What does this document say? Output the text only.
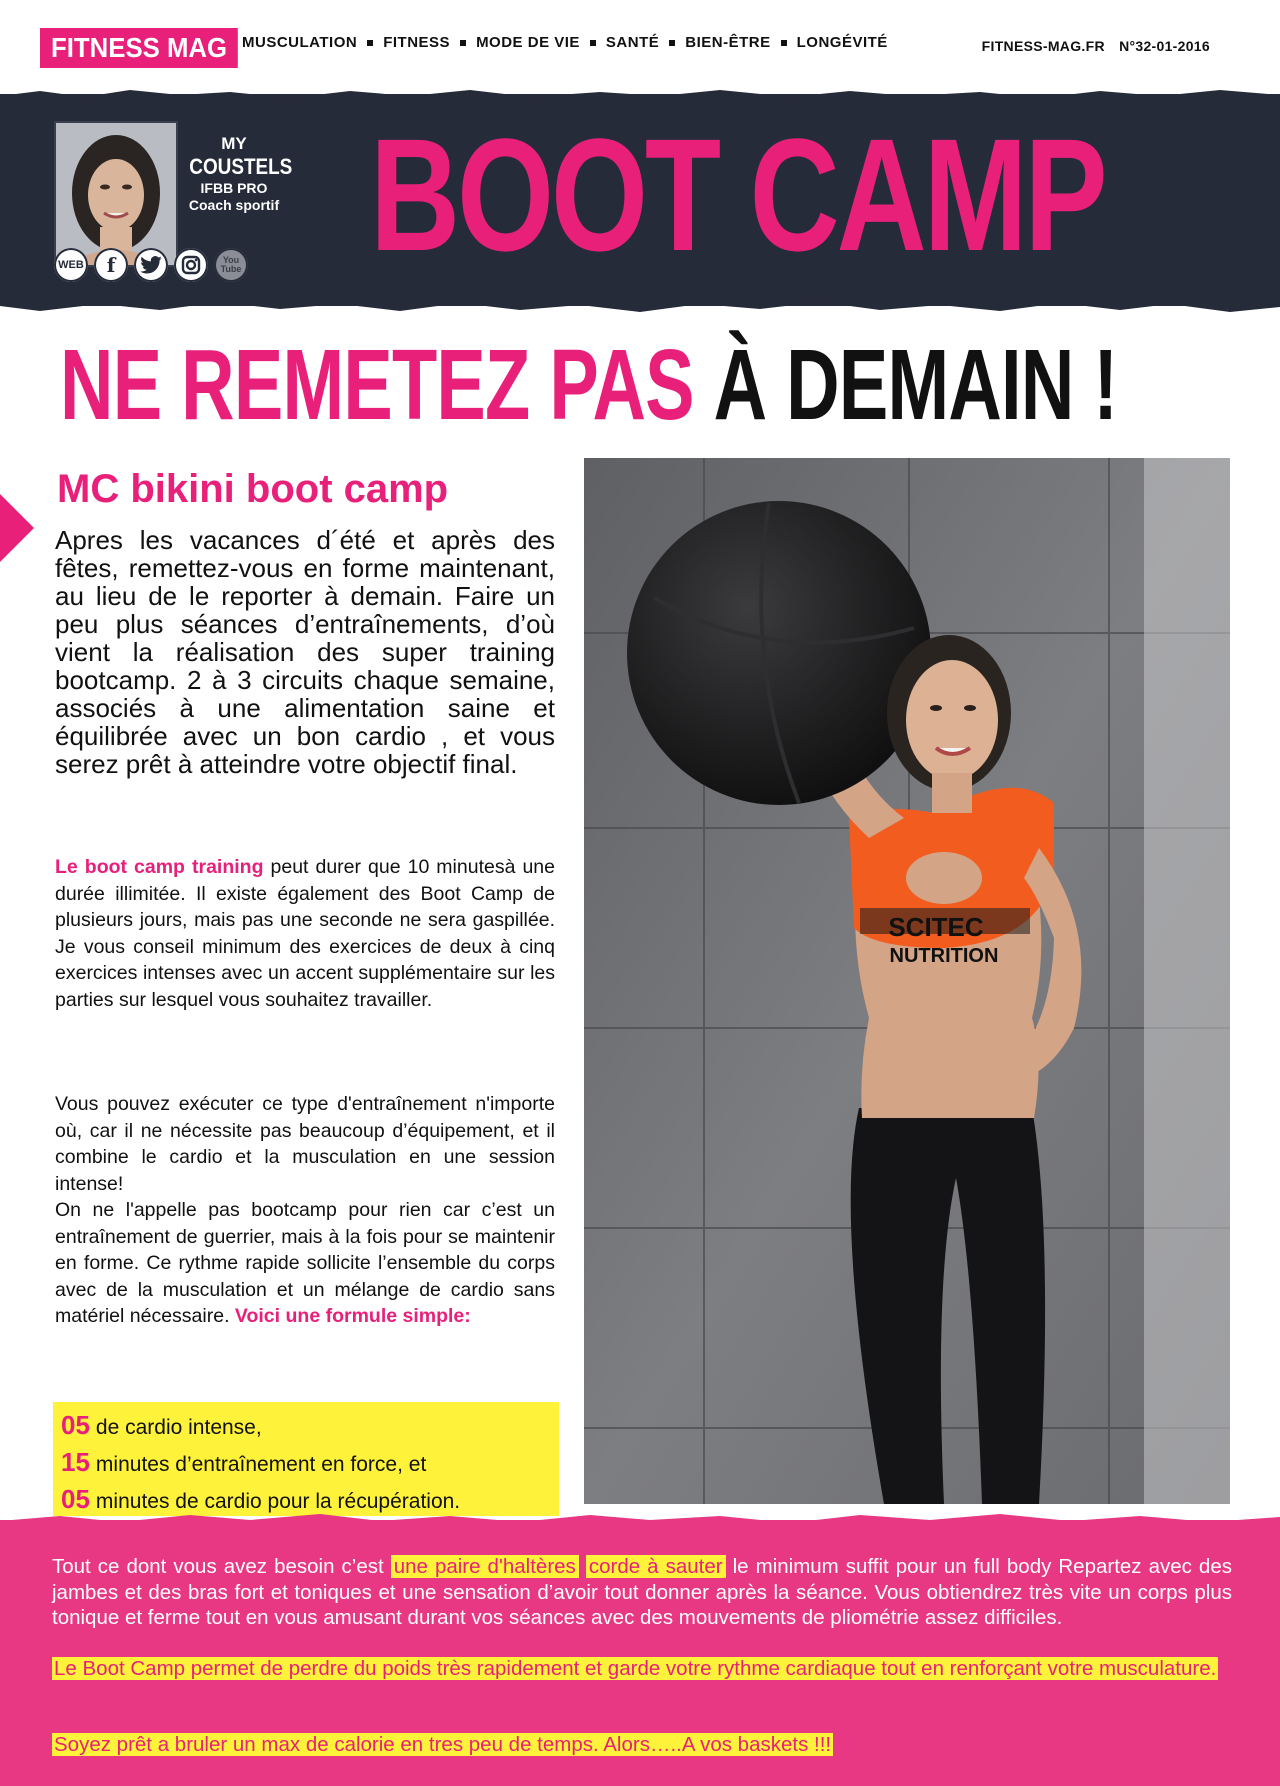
FITNESS MAG MUSCULATION FITNESS MODE DE VIE SANTÉ BIEN-ÊTRE LONGÉVITÉ	FITNESS-MAG.FR N°32-01-2016
MY
COUSTELS
IFBB PRO
Coach sportif
WEB f	You Tube BOOT CAMP
NE REMETEZ PAS À DEMAIN !
MC bikini boot camp
Apres les vacances d´été et après des fêtes, remettez-vous en forme maintenant, au lieu de le reporter à demain. Faire un peu plus séances d’entraînements, d’où vient la réalisation des super training bootcamp. 2 à 3 circuits chaque semaine, associés à une alimentation saine et équilibrée avec un bon cardio , et vous serez prêt à atteindre votre objectif final.
Le boot camp training peut durer que 10 minutesà une durée illimitée. Il existe également des Boot Camp de plusieurs jours, mais pas une seconde ne sera gaspillée. Je vous conseil minimum des exercices de deux à cinq exercices intenses avec un accent supplémentaire sur les parties sur lesquel vous souhaitez travailler.
Vous pouvez exécuter ce type d'entraînement n'importe où, car il ne nécessite pas beaucoup d’équipement, et il combine le cardio et la musculation en une session intense!
On ne l'appelle pas bootcamp pour rien car c’est un entraînement de guerrier, mais à la fois pour se maintenir en forme. Ce rythme rapide sollicite l’ensemble du corps avec de la musculation et un mélange de cardio sans matériel nécessaire. Voici une formule simple:
05 de cardio intense,
15 minutes d’entraînement en force, et
05 minutes de cardio pour la récupération.
SCITEC
NUTRITION
Tout ce dont vous avez besoin c’est une paire d'haltères corde à sauter le minimum suffit pour un full body Repartez avec des jambes et des bras fort et toniques et une sensation d’avoir tout donner après la séance. Vous obtiendrez très vite un corps plus tonique et ferme tout en vous amusant durant vos séances avec des mouvements de pliométrie assez difficiles.
Le Boot Camp permet de perdre du poids très rapidement et garde votre rythme cardiaque tout en renforçant votre musculature.
Soyez prêt a bruler un max de calorie en tres peu de temps. Alors…..A vos baskets !!!
